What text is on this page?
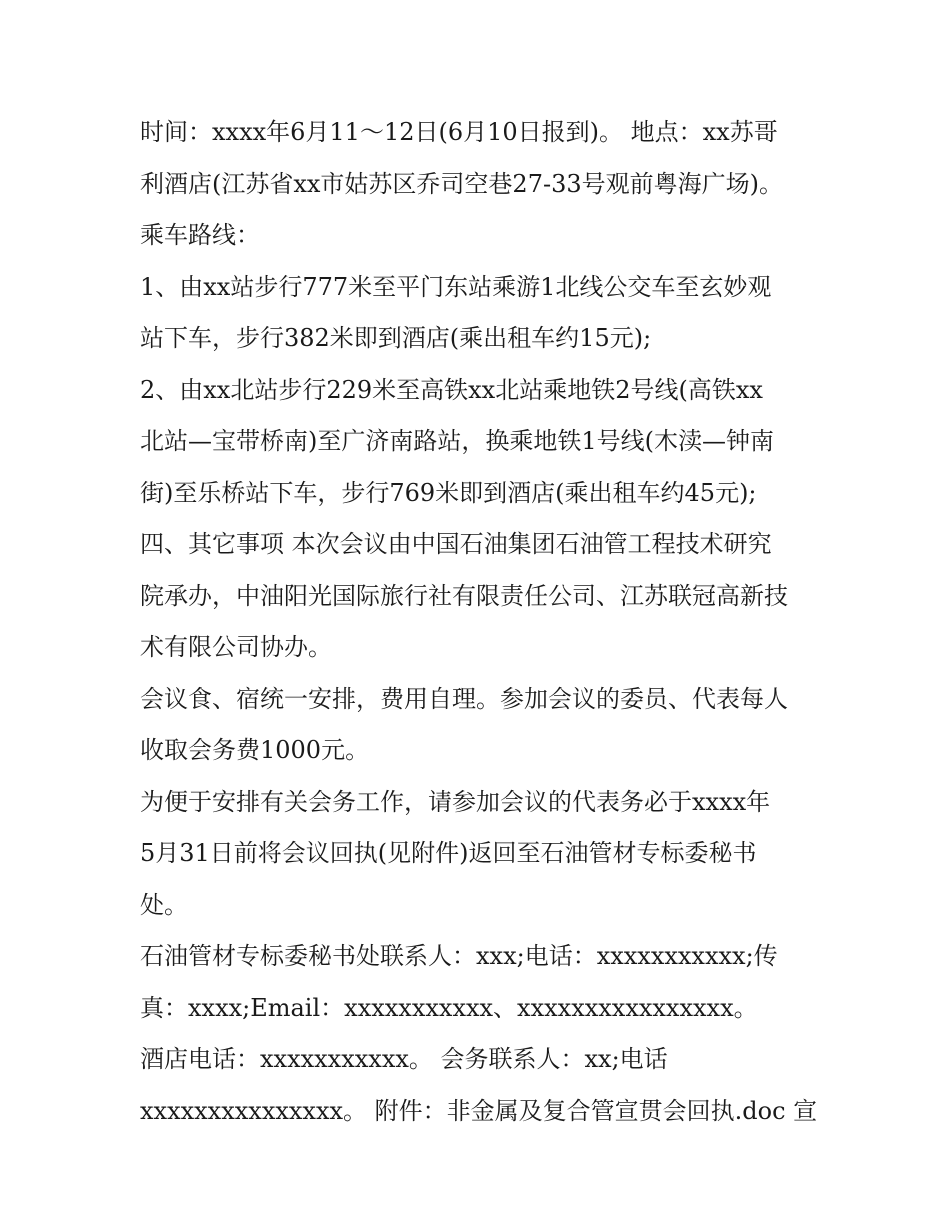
时间：xxxx年6月11～12日(6月10日报到)。 地点：xx苏哥
利酒店(江苏省xx市姑苏区乔司空巷27-33号观前粤海广场)。
乘车路线：
1、由xx站步行777米至平门东站乘游1北线公交车至玄妙观
站下车，步行382米即到酒店(乘出租车约15元);
2、由xx北站步行229米至高铁xx北站乘地铁2号线(高铁xx
北站—宝带桥南)至广济南路站，换乘地铁1号线(木渎—钟南
街)至乐桥站下车，步行769米即到酒店(乘出租车约45元);
四、其它事项 本次会议由中国石油集团石油管工程技术研究
院承办，中油阳光国际旅行社有限责任公司、江苏联冠高新技
术有限公司协办。
会议食、宿统一安排，费用自理。参加会议的委员、代表每人
收取会务费1000元。
为便于安排有关会务工作，请参加会议的代表务必于xxxx年
5月31日前将会议回执(见附件)返回至石油管材专标委秘书
处。
石油管材专标委秘书处联系人：xxx;电话：xxxxxxxxxxx;传
真：xxxx;Email：xxxxxxxxxxx、xxxxxxxxxxxxxxxx。
酒店电话：xxxxxxxxxxx。 会务联系人：xx;电话
xxxxxxxxxxxxxxx。 附件：非金属及复合管宣贯会回执.doc 宣
